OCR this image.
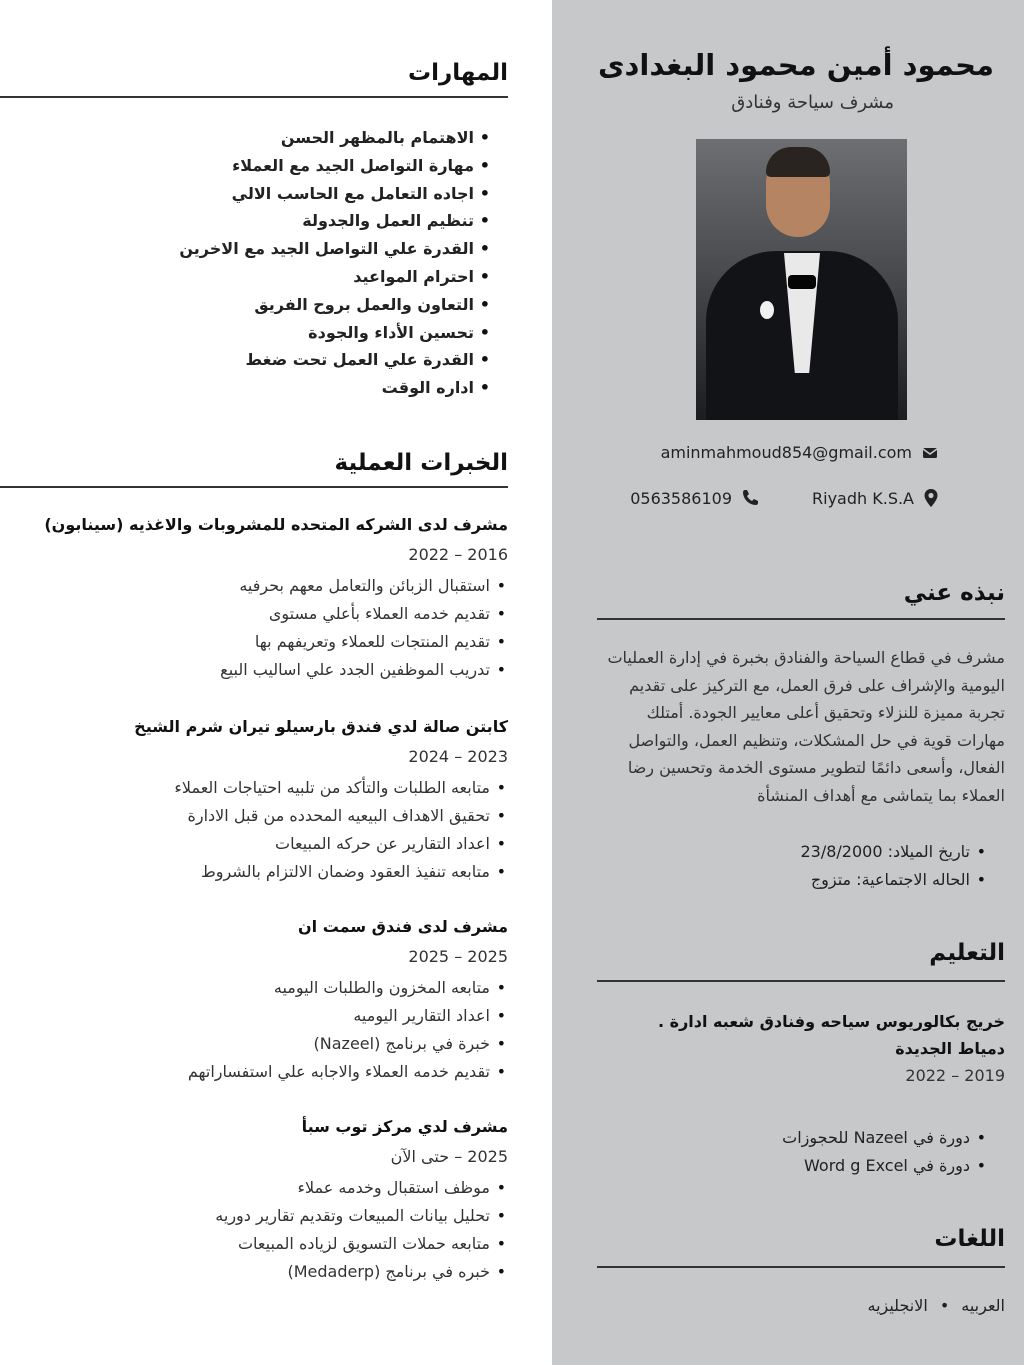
محمود أمين محمود البغدادى
مشرف سياحة وفنادق
aminmahmoud854@gmail.com
0563586109	Riyadh K.S.A
نبذه عني
مشرف في قطاع السياحة والفنادق بخبرة في إدارة العمليات اليومية والإشراف على فرق العمل، مع التركيز على تقديم تجربة مميزة للنزلاء وتحقيق أعلى معايير الجودة. أمتلك مهارات قوية في حل المشكلات، وتنظيم العمل، والتواصل الفعال، وأسعى دائمًا لتطوير مستوى الخدمة وتحسين رضا العملاء بما يتماشى مع أهداف المنشأة
• تاريخ الميلاد: 23/8/2000
• الحاله الاجتماعية: متزوج
التعليم
خريج بكالوريوس سياحه وفنادق شعبه ادارة . دمياط الجديدة
2019 – 2022
• دورة في Nazeel للحجوزات
• دورة في Word g Excel
اللغات
العربيه
•
الانجليزيه
المهارات
• الاهتمام بالمظهر الحسن
• مهارة التواصل الجيد مع العملاء
• اجاده التعامل مع الحاسب الالي
• تنظيم العمل والجدولة
• القدرة علي التواصل الجيد مع الاخرين
• احترام المواعيد
• التعاون والعمل بروح الفريق
• تحسين الأداء والجودة
• القدرة علي العمل تحت ضغط
• اداره الوقت
الخبرات العملية
مشرف لدى الشركه المتحده للمشروبات والاغذيه (سينابون)
2016 – 2022
• استقبال الزبائن والتعامل معهم بحرفيه
• تقديم خدمه العملاء بأعلي مستوى
• تقديم المنتجات للعملاء وتعريفهم بها
• تدريب الموظفين الجدد علي اساليب البيع
كابتن صالة لدي فندق بارسيلو تيران شرم الشيخ
2023 – 2024
• متابعه الطلبات والتأكد من تلبيه احتياجات العملاء
• تحقيق الاهداف البيعيه المحدده من قبل الادارة
• اعداد التقارير عن حركه المبيعات
• متابعه تنفيذ العقود وضمان الالتزام بالشروط
مشرف لدى فندق سمت ان
2025 – 2025
• متابعه المخزون والطلبات اليوميه
• اعداد التقارير اليوميه
• خبرة في برنامج (Nazeel)
• تقديم خدمه العملاء والاجابه علي استفساراتهم
مشرف لدي مركز توب سبأ
2025 – حتى الآن
• موظف استقبال وخدمه عملاء
• تحليل بيانات المبيعات وتقديم تقارير دوريه
• متابعه حملات التسويق لزياده المبيعات
• خبره في برنامج (Medaderp)
